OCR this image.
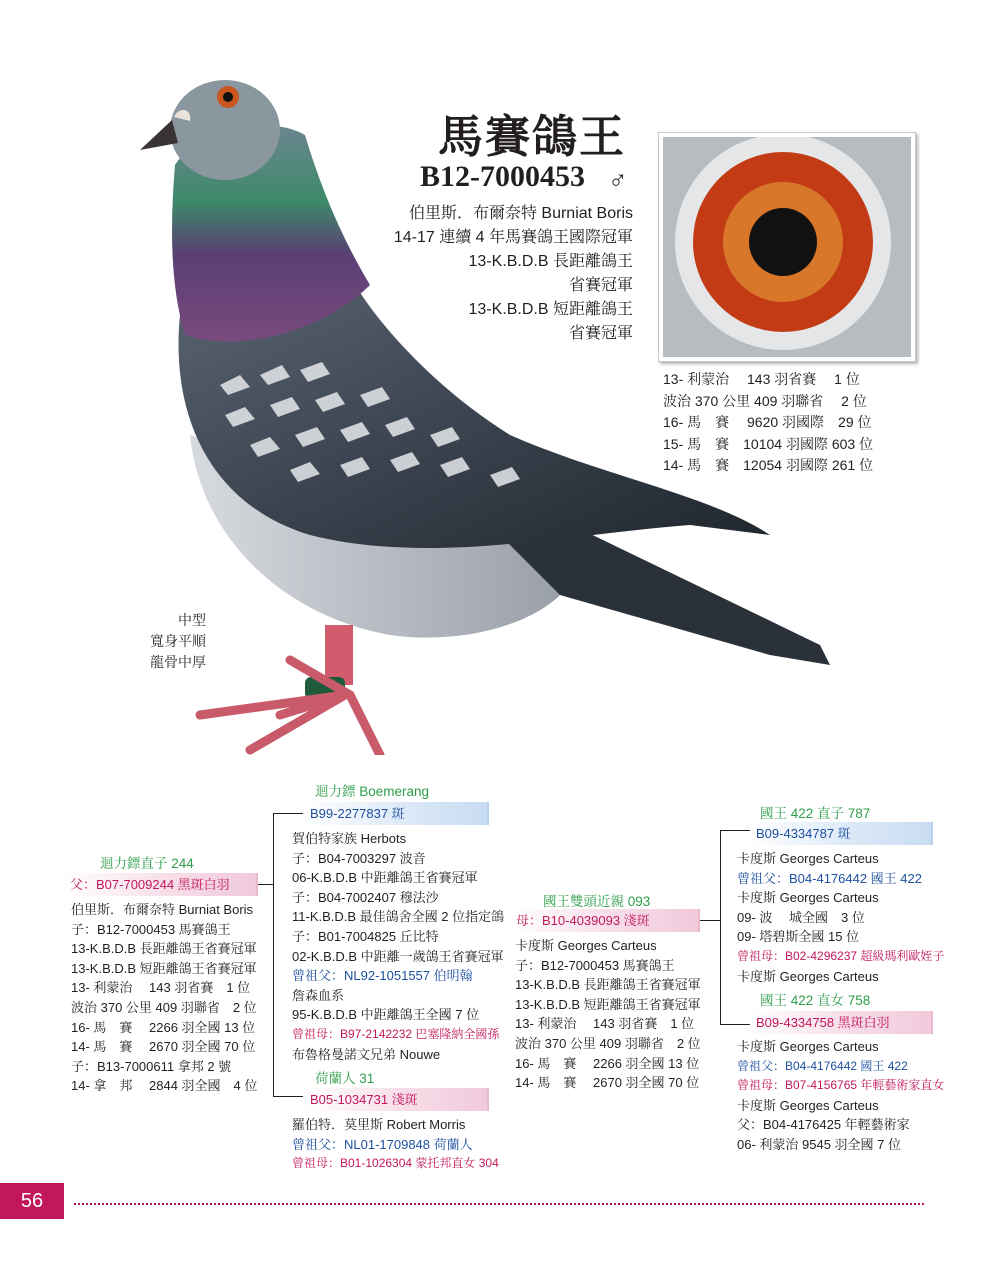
馬賽鴿王
B12-7000453 ♂
伯里斯．布爾奈特 Burniat Boris
14-17 連續 4 年馬賽鴿王國際冠軍
13-K.B.D.B 長距離鴿王
省賽冠軍
13-K.B.D.B 短距離鴿王
省賽冠軍
13- 利蒙治　 143 羽省賽　 1 位
波治 370 公里 409 羽聯省　 2 位
16- 馬　賽　 9620 羽國際　29 位
15- 馬　賽　10104 羽國際 603 位
14- 馬　賽　12054 羽國際 261 位
中型
寬身平順
龍骨中厚
迴力鏢直子 244
父：B07-7009244 黑斑白羽
伯里斯．布爾奈特 Burniat Boris
子：B12-7000453 馬賽鴿王
13-K.B.D.B 長距離鴿王省賽冠軍
13-K.B.D.B 短距離鴿王省賽冠軍
13- 利蒙治　 143 羽省賽　1 位
波治 370 公里 409 羽聯省　2 位
16- 馬　賽　 2266 羽全國 13 位
14- 馬　賽　 2670 羽全國 70 位
子：B13-7000611 拿邦 2 號
14- 拿　邦　 2844 羽全國　4 位
迴力鏢 Boemerang
B99-2277837 斑
賀伯特家族 Herbots
子：B04-7003297 波音
06-K.B.D.B 中距離鴿王省賽冠軍
子：B04-7002407 穆法沙
11-K.B.D.B 最佳鴿舍全國 2 位指定鴿
子：B01-7004825 丘比特
02-K.B.D.B 中距離一歲鴿王省賽冠軍
曾祖父：NL92-1051557 伯明翰
詹森血系
95-K.B.D.B 中距離鴿王全國 7 位
曾祖母：B97-2142232 巴塞隆納全國孫
布魯格曼諾文兄弟 Nouwe
荷蘭人 31
B05-1034731 淺斑
羅伯特．莫里斯 Robert Morris
曾祖父：NL01-1709848 荷蘭人
曾祖母：B01-1026304 蒙托邦直女 304
國王雙頭近親 093
母：B10-4039093 淺斑
卡度斯 Georges Carteus
子：B12-7000453 馬賽鴿王
13-K.B.D.B 長距離鴿王省賽冠軍
13-K.B.D.B 短距離鴿王省賽冠軍
13- 利蒙治　 143 羽省賽　1 位
波治 370 公里 409 羽聯省　2 位
16- 馬　賽　 2266 羽全國 13 位
14- 馬　賽　 2670 羽全國 70 位
國王 422 直子 787
B09-4334787 斑
卡度斯 Georges Carteus
曾祖父：B04-4176442 國王 422
卡度斯 Georges Carteus
09- 波　 城全國　3 位
09- 塔碧斯全國 15 位
曾祖母：B02-4296237 超級瑪利歐姪子
卡度斯 Georges Carteus
國王 422 直女 758
B09-4334758 黑斑白羽
卡度斯 Georges Carteus
曾祖父：B04-4176442 國王 422
曾祖母：B07-4156765 年輕藝術家直女
卡度斯 Georges Carteus
父：B04-4176425 年輕藝術家
06- 利蒙治 9545 羽全國 7 位
56
